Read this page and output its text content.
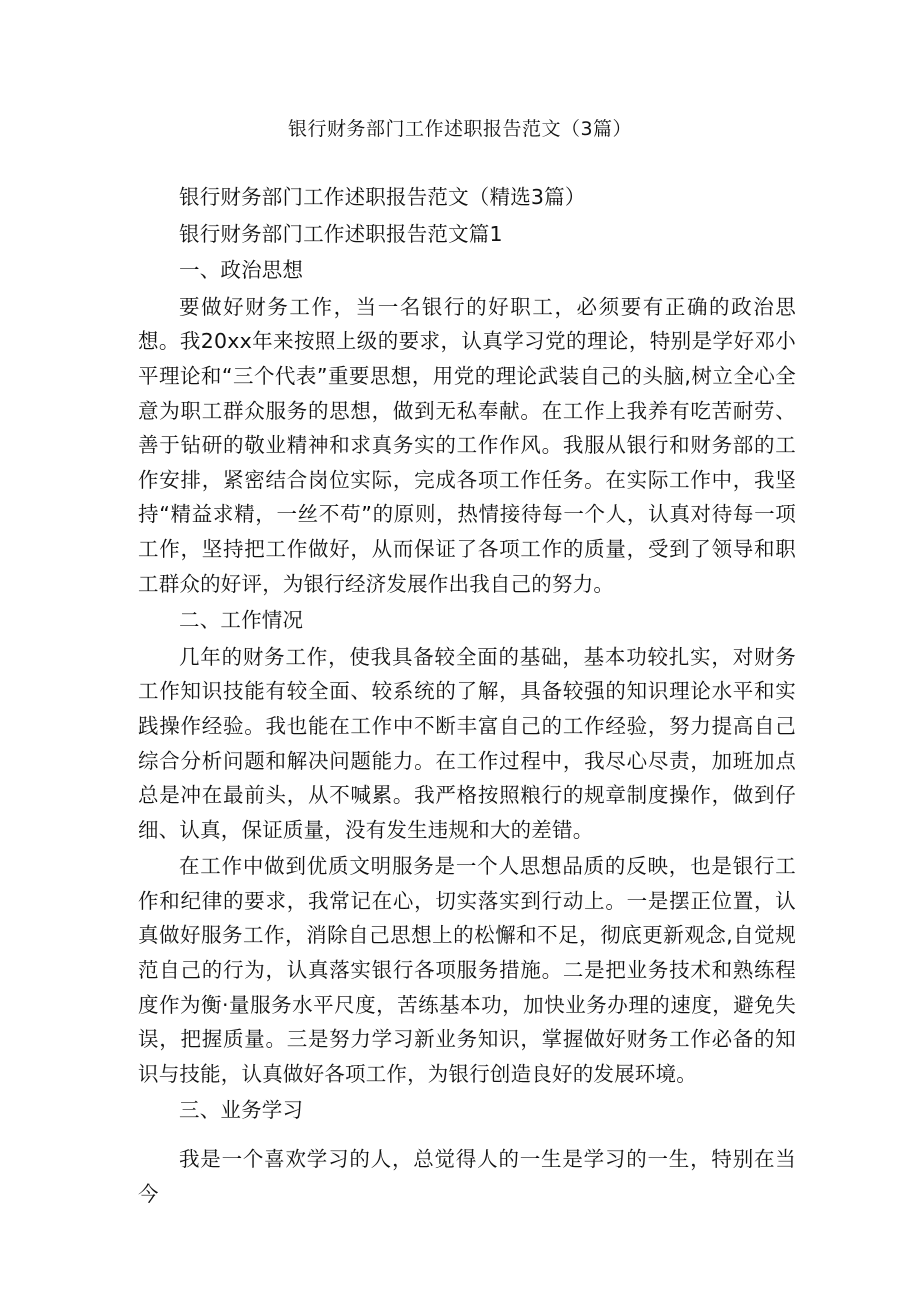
银行财务部门工作述职报告范文（3篇）

银行财务部门工作述职报告范文（精选3篇）

银行财务部门工作述职报告范文篇1

一、政治思想

要做好财务工作，当一名银行的好职工，必须要有正确的政治思想。我20xx年来按照上级的要求，认真学习党的理论，特别是学好邓小平理论和“三个代表”重要思想，用党的理论武装自己的头脑,树立全心全意为职工群众服务的思想，做到无私奉献。在工作上我养有吃苦耐劳、善于钻研的敬业精神和求真务实的工作作风。我服从银行和财务部的工作安排，紧密结合岗位实际，完成各项工作任务。在实际工作中，我坚持“精益求精，一丝不苟”的原则，热情接待每一个人，认真对待每一项工作，坚持把工作做好，从而保证了各项工作的质量，受到了领导和职工群众的好评，为银行经济发展作出我自己的努力。

二、工作情况

几年的财务工作，使我具备较全面的基础，基本功较扎实，对财务工作知识技能有较全面、较系统的了解，具备较强的知识理论水平和实践操作经验。我也能在工作中不断丰富自己的工作经验，努力提高自己综合分析问题和解决问题能力。在工作过程中，我尽心尽责，加班加点总是冲在最前头，从不喊累。我严格按照粮行的规章制度操作，做到仔细、认真，保证质量，没有发生违规和大的差错。

在工作中做到优质文明服务是一个人思想品质的反映，也是银行工作和纪律的要求，我常记在心，切实落实到行动上。一是摆正位置，认真做好服务工作，消除自己思想上的松懈和不足，彻底更新观念,自觉规范自己的行为，认真落实银行各项服务措施。二是把业务技术和熟练程度作为衡·量服务水平尺度，苦练基本功，加快业务办理的速度，避免失误，把握质量。三是努力学习新业务知识，掌握做好财务工作必备的知识与技能，认真做好各项工作，为银行创造良好的发展环境。

三、业务学习

我是一个喜欢学习的人，总觉得人的一生是学习的一生，特别在当今
